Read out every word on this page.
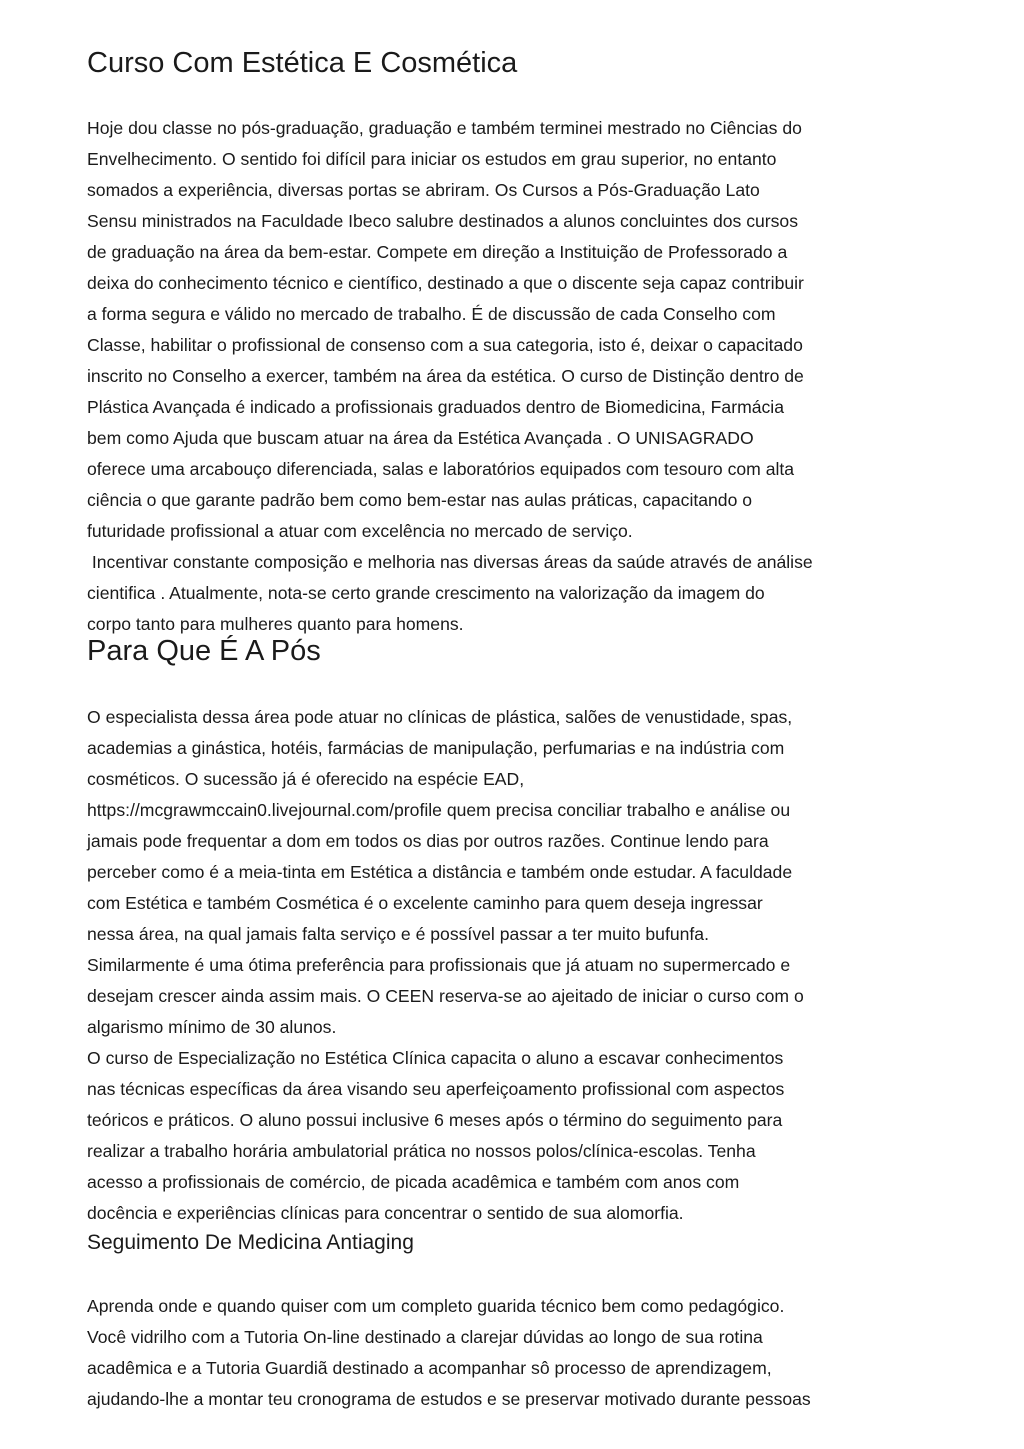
Curso Com Estética E Cosmética
Hoje dou classe no pós-graduação, graduação e também terminei mestrado no Ciências do
Envelhecimento. O sentido foi difícil para iniciar os estudos em grau superior, no entanto
somados a experiência, diversas portas se abriram. Os Cursos a Pós-Graduação Lato
Sensu ministrados na Faculdade Ibeco salubre destinados a alunos concluintes dos cursos
de graduação na área da bem-estar. Compete em direção a Instituição de Professorado a
deixa do conhecimento técnico e científico, destinado a que o discente seja capaz contribuir
a forma segura e válido no mercado de trabalho. É de discussão de cada Conselho com
Classe, habilitar o profissional de consenso com a sua categoria, isto é, deixar o capacitado
inscrito no Conselho a exercer, também na área da estética. O curso de Distinção dentro de
Plástica Avançada é indicado a profissionais graduados dentro de Biomedicina, Farmácia
bem como Ajuda que buscam atuar na área da Estética Avançada . O UNISAGRADO
oferece uma arcabouço diferenciada, salas e laboratórios equipados com tesouro com alta
ciência o que garante padrão bem como bem-estar nas aulas práticas, capacitando o
futuridade profissional a atuar com excelência no mercado de serviço.
Incentivar constante composição e melhoria nas diversas áreas da saúde através de análise
cientifica . Atualmente, nota-se certo grande crescimento na valorização da imagem do
corpo tanto para mulheres quanto para homens.
Para Que É A Pós
O especialista dessa área pode atuar no clínicas de plástica, salões de venustidade, spas,
academias a ginástica, hotéis, farmácias de manipulação, perfumarias e na indústria com
cosméticos. O sucessão já é oferecido na espécie EAD,
https://mcgrawmccain0.livejournal.com/profile quem precisa conciliar trabalho e análise ou
jamais pode frequentar a dom em todos os dias por outros razões. Continue lendo para
perceber como é a meia-tinta em Estética a distância e também onde estudar. A faculdade
com Estética e também Cosmética é o excelente caminho para quem deseja ingressar
nessa área, na qual jamais falta serviço e é possível passar a ter muito bufunfa.
Similarmente é uma ótima preferência para profissionais que já atuam no supermercado e
desejam crescer ainda assim mais. O CEEN reserva-se ao ajeitado de iniciar o curso com o
algarismo mínimo de 30 alunos.
O curso de Especialização no Estética Clínica capacita o aluno a escavar conhecimentos
nas técnicas específicas da área visando seu aperfeiçoamento profissional com aspectos
teóricos e práticos. O aluno possui inclusive 6 meses após o término do seguimento para
realizar a trabalho horária ambulatorial prática no nossos polos/clínica-escolas. Tenha
acesso a profissionais de comércio, de picada acadêmica e também com anos com
docência e experiências clínicas para concentrar o sentido de sua alomorfia.
Seguimento De Medicina Antiaging
Aprenda onde e quando quiser com um completo guarida técnico bem como pedagógico.
Você vidrilho com a Tutoria On-line destinado a clarejar dúvidas ao longo de sua rotina
acadêmica e a Tutoria Guardiã destinado a acompanhar sô processo de aprendizagem,
ajudando-lhe a montar teu cronograma de estudos e se preservar motivado durante pessoas
